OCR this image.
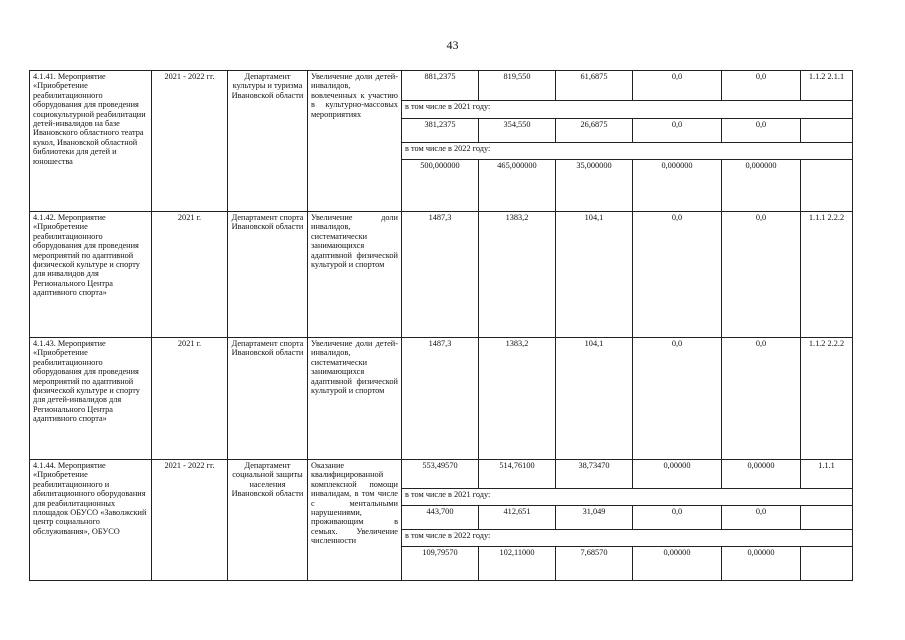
43
4.1.41. Мероприятие «Приобретение реабилитационного оборудования для проведения социокультурной реабилитации детей-инвалидов на базе Ивановского областного театра кукол, Ивановской областной библиотеки для детей и юношества	2021 - 2022 гг.	Департамент культуры и туризма Ивановской области	Увеличение доли детей-инвалидов, вовлеченных к участию в культурно-массовых мероприятиях	881,2375	819,550	61,6875	0,0	0,0	1.1.2 2.1.1
				в том числе в 2021 году:					
				381,2375	354,550	26,6875	0,0	0,0	
				в том числе в 2022 году:					
				500,000000	465,000000	35,000000	0,000000	0,000000	
4.1.42. Мероприятие «Приобретение реабилитационного оборудования для проведения мероприятий по адаптивной физической культуре и спорту для инвалидов для Регионального Центра адаптивного спорта»	2021 г.	Департамент спорта Ивановской области	Увеличение доли инвалидов, систематически занимающихся адаптивной физической культурой и спортом	1487,3	1383,2	104,1	0,0	0,0	1.1.1 2.2.2
4.1.43. Мероприятие «Приобретение реабилитационного оборудования для проведения мероприятий по адаптивной физической культуре и спорту для детей-инвалидов для Регионального Центра адаптивного спорта»	2021 г.	Департамент спорта Ивановской области	Увеличение доли детей-инвалидов, систематически занимающихся адаптивной физической культурой и спортом	1487,3	1383,2	104,1	0,0	0,0	1.1.2 2.2.2
4.1.44. Мероприятие «Приобретение реабилитационного и абилитационного оборудования для реабилитационных площадок ОБУСО «Заволжский центр социального обслуживания», ОБУСО	2021 - 2022 гг.	Департамент социальной защиты населения Ивановской области	Оказание квалифицированной комплексной помощи инвалидам, в том числе с ментальными нарушениями, проживающим в семьях. Увеличение численности	553,49570	514,76100	38,73470	0,00000	0,00000	1.1.1
				в том числе в 2021 году:					
				443,700	412,651	31,049	0,0	0,0	
				в том числе в 2022 году:					
				109,79570	102,11000	7,68570	0,00000	0,00000	
